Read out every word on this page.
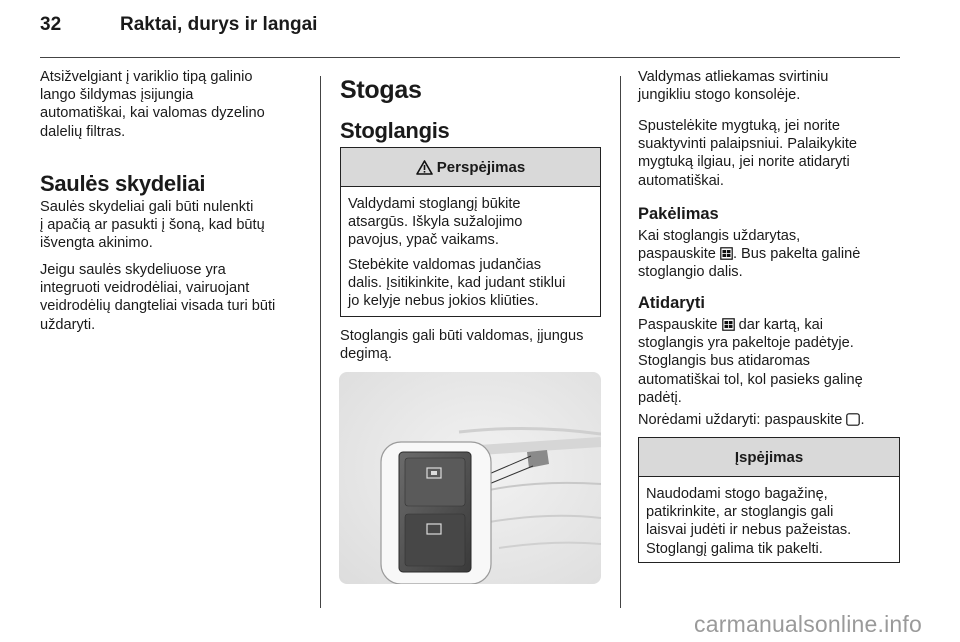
32	Raktai, durys ir langai

Atsižvelgiant į variklio tipą galinio
lango šildymas įsijungia
automatiškai, kai valomas dyzelino
dalelių filtras.

Saulės skydeliai

Saulės skydeliai gali būti nulenkti
į apačią ar pasukti į šoną, kad būtų
išvengta akinimo.

Jeigu saulės skydeliuose yra
integruoti veidrodėliai, vairuojant
veidrodėlių dangteliai visada turi būti
uždaryti.

Stogas
Stoglangis
Perspėjimas

Valdydami stoglangį būkite
atsargūs. Iškyla sužalojimo
pavojus, ypač vaikams.

Stebėkite valdomas judančias
dalis. Įsitikinkite, kad judant stiklui
jo kelyje nebus jokios kliūties.

Stoglangis gali būti valdomas, įjungus
degimą.

Valdymas atliekamas svirtiniu
jungikliu stogo konsolėje.

Spustelėkite mygtuką, jei norite
suaktyvinti palaipsniui. Palaikykite
mygtuką ilgiau, jei norite atidaryti
automatiškai.

Pakėlimas

Kai stoglangis uždarytas,
paspauskite . Bus pakelta galinė
stoglangio dalis.

Atidaryti

Paspauskite  dar kartą, kai
stoglangis yra pakeltoje padėtyje.
Stoglangis bus atidaromas
automatiškai tol, kol pasieks galinę
padėtį.

Norėdami uždaryti: paspauskite .

Įspėjimas

Naudodami stogo bagažinę,
patikrinkite, ar stoglangis gali
laisvai judėti ir nebus pažeistas.
Stoglangį galima tik pakelti.

carmanualsonline.info
